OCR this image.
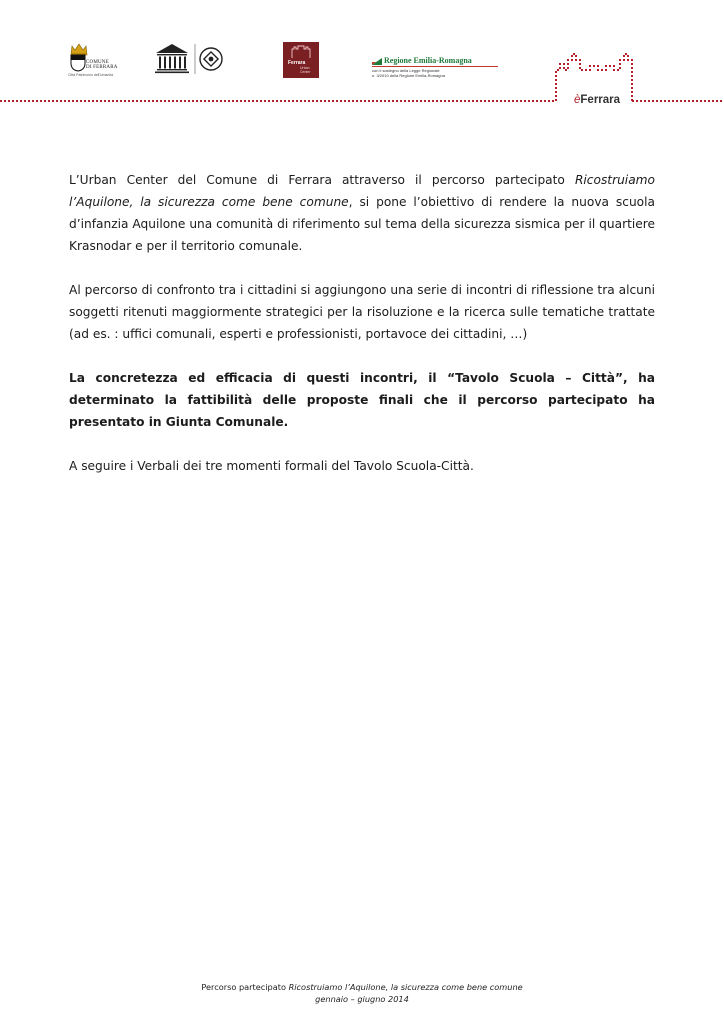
COMUNE
DI FERRARA
Città Patrimonio dell'Umanità
Ferrara
Urban
Center
Regione Emilia-Romagna
con il sostegno della Legge Regionale
n. 3/2010 della Regione Emilia-Romagna
èFerrara

L’Urban Center del Comune di Ferrara attraverso il percorso partecipato Ricostruiamo l’Aquilone, la sicurezza come bene comune, si pone l’obiettivo di rendere la nuova scuola d’infanzia Aquilone una comunità di riferimento sul tema della sicurezza sismica per il quartiere Krasnodar e per il territorio comunale.

Al percorso di confronto tra i cittadini si aggiungono una serie di incontri di riflessione tra alcuni soggetti ritenuti maggiormente strategici per la risoluzione e la ricerca sulle tematiche trattate (ad es. : uffici comunali, esperti e professionisti, portavoce dei cittadini, …)

La concretezza ed efficacia di questi incontri, il “Tavolo Scuola – Città”, ha determinato la fattibilità delle proposte finali che il percorso partecipato ha presentato in Giunta Comunale.

A seguire i Verbali dei tre momenti formali del Tavolo Scuola-Città.

Percorso partecipato Ricostruiamo l’Aquilone, la sicurezza come bene comune
gennaio – giugno 2014
